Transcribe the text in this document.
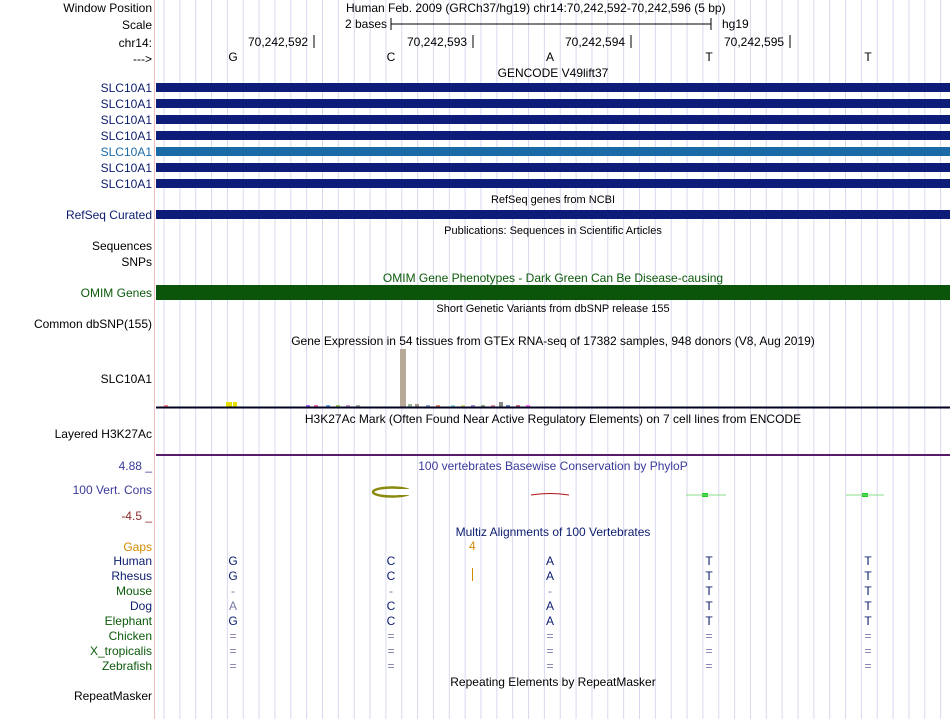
Window Position	Human Feb. 2009 (GRCh37/hg19) chr14:70,242,592-70,242,596 (5 bp)
Scale	2 bases	hg19
chr14:	70,242,592	70,242,593	70,242,594	70,242,595
--->	G	C	A	T	T
GENCODE V49lift37
SLC10A1
SLC10A1
SLC10A1
SLC10A1
SLC10A1
SLC10A1
SLC10A1
RefSeq genes from NCBI
RefSeq Curated
Publications: Sequences in Scientific Articles
Sequences
SNPs
OMIM Gene Phenotypes - Dark Green Can Be Disease-causing
OMIM Genes
Short Genetic Variants from dbSNP release 155
Common dbSNP(155)
Gene Expression in 54 tissues from GTEx RNA-seq of 17382 samples, 948 donors (V8, Aug 2019)
SLC10A1
H3K27Ac Mark (Often Found Near Active Regulatory Elements) on 7 cell lines from ENCODE
Layered H3K27Ac
100 vertebrates Basewise Conservation by PhyloP
4.88 _
100 Vert. Cons
-4.5 _
Multiz Alignments of 100 Vertebrates
Gaps	4
Human	G	C	A	T	T
Rhesus	G	C	A	T	T
Mouse	-	-	-	T	T
Dog	A	C	A	T	T
Elephant	G	C	A	T	T
Chicken	=	=	=	=	=
X_tropicalis	=	=	=	=	=
Zebrafish	=	=	=	=	=
Repeating Elements by RepeatMasker
RepeatMasker
